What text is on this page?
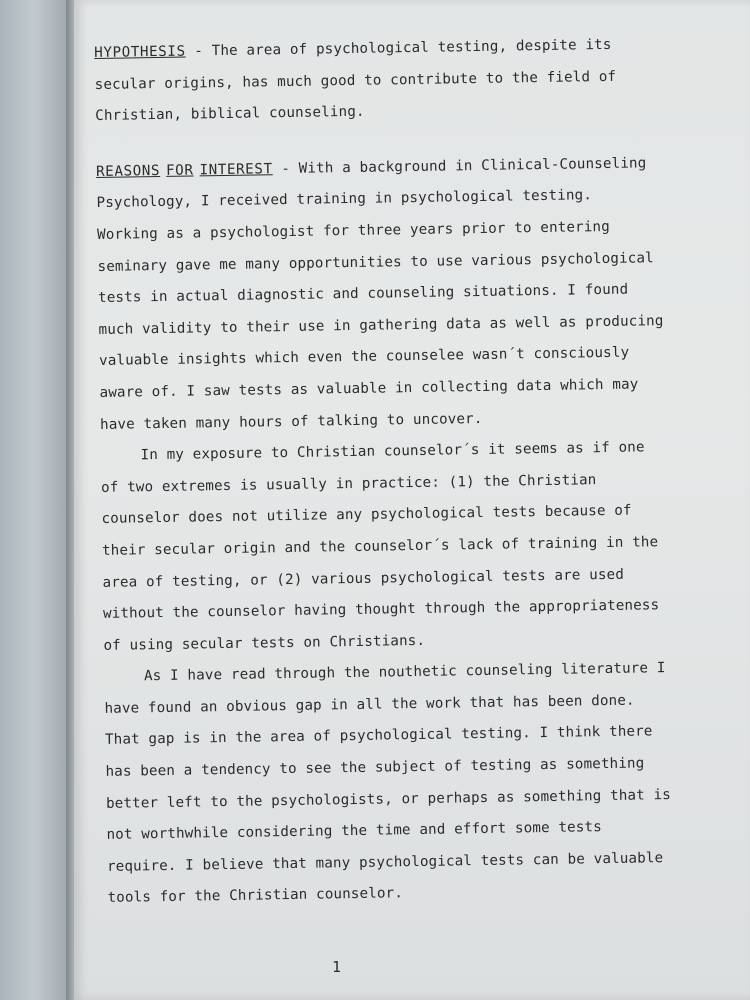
HYPOTHESIS - The area of psychological testing, despite its
secular origins, has much good to contribute to the field of
Christian, biblical counseling.
REASONS FOR INTEREST - With a background in Clinical-Counseling
Psychology, I received training in psychological testing.
Working as a psychologist for three years prior to entering
seminary gave me many opportunities to use various psychological
tests in actual diagnostic and counseling situations. I found
much validity to their use in gathering data as well as producing
valuable insights which even the counselee wasn´t consciously
aware of. I saw tests as valuable in collecting data which may
have taken many hours of talking to uncover.
In my exposure to Christian counselor´s it seems as if one
of two extremes is usually in practice: (1) the Christian
counselor does not utilize any psychological tests because of
their secular origin and the counselor´s lack of training in the
area of testing, or (2) various psychological tests are used
without the counselor having thought through the appropriateness
of using secular tests on Christians.
As I have read through the nouthetic counseling literature I
have found an obvious gap in all the work that has been done.
That gap is in the area of psychological testing. I think there
has been a tendency to see the subject of testing as something
better left to the psychologists, or perhaps as something that is
not worthwhile considering the time and effort some tests
require. I believe that many psychological tests can be valuable
tools for the Christian counselor.
1
